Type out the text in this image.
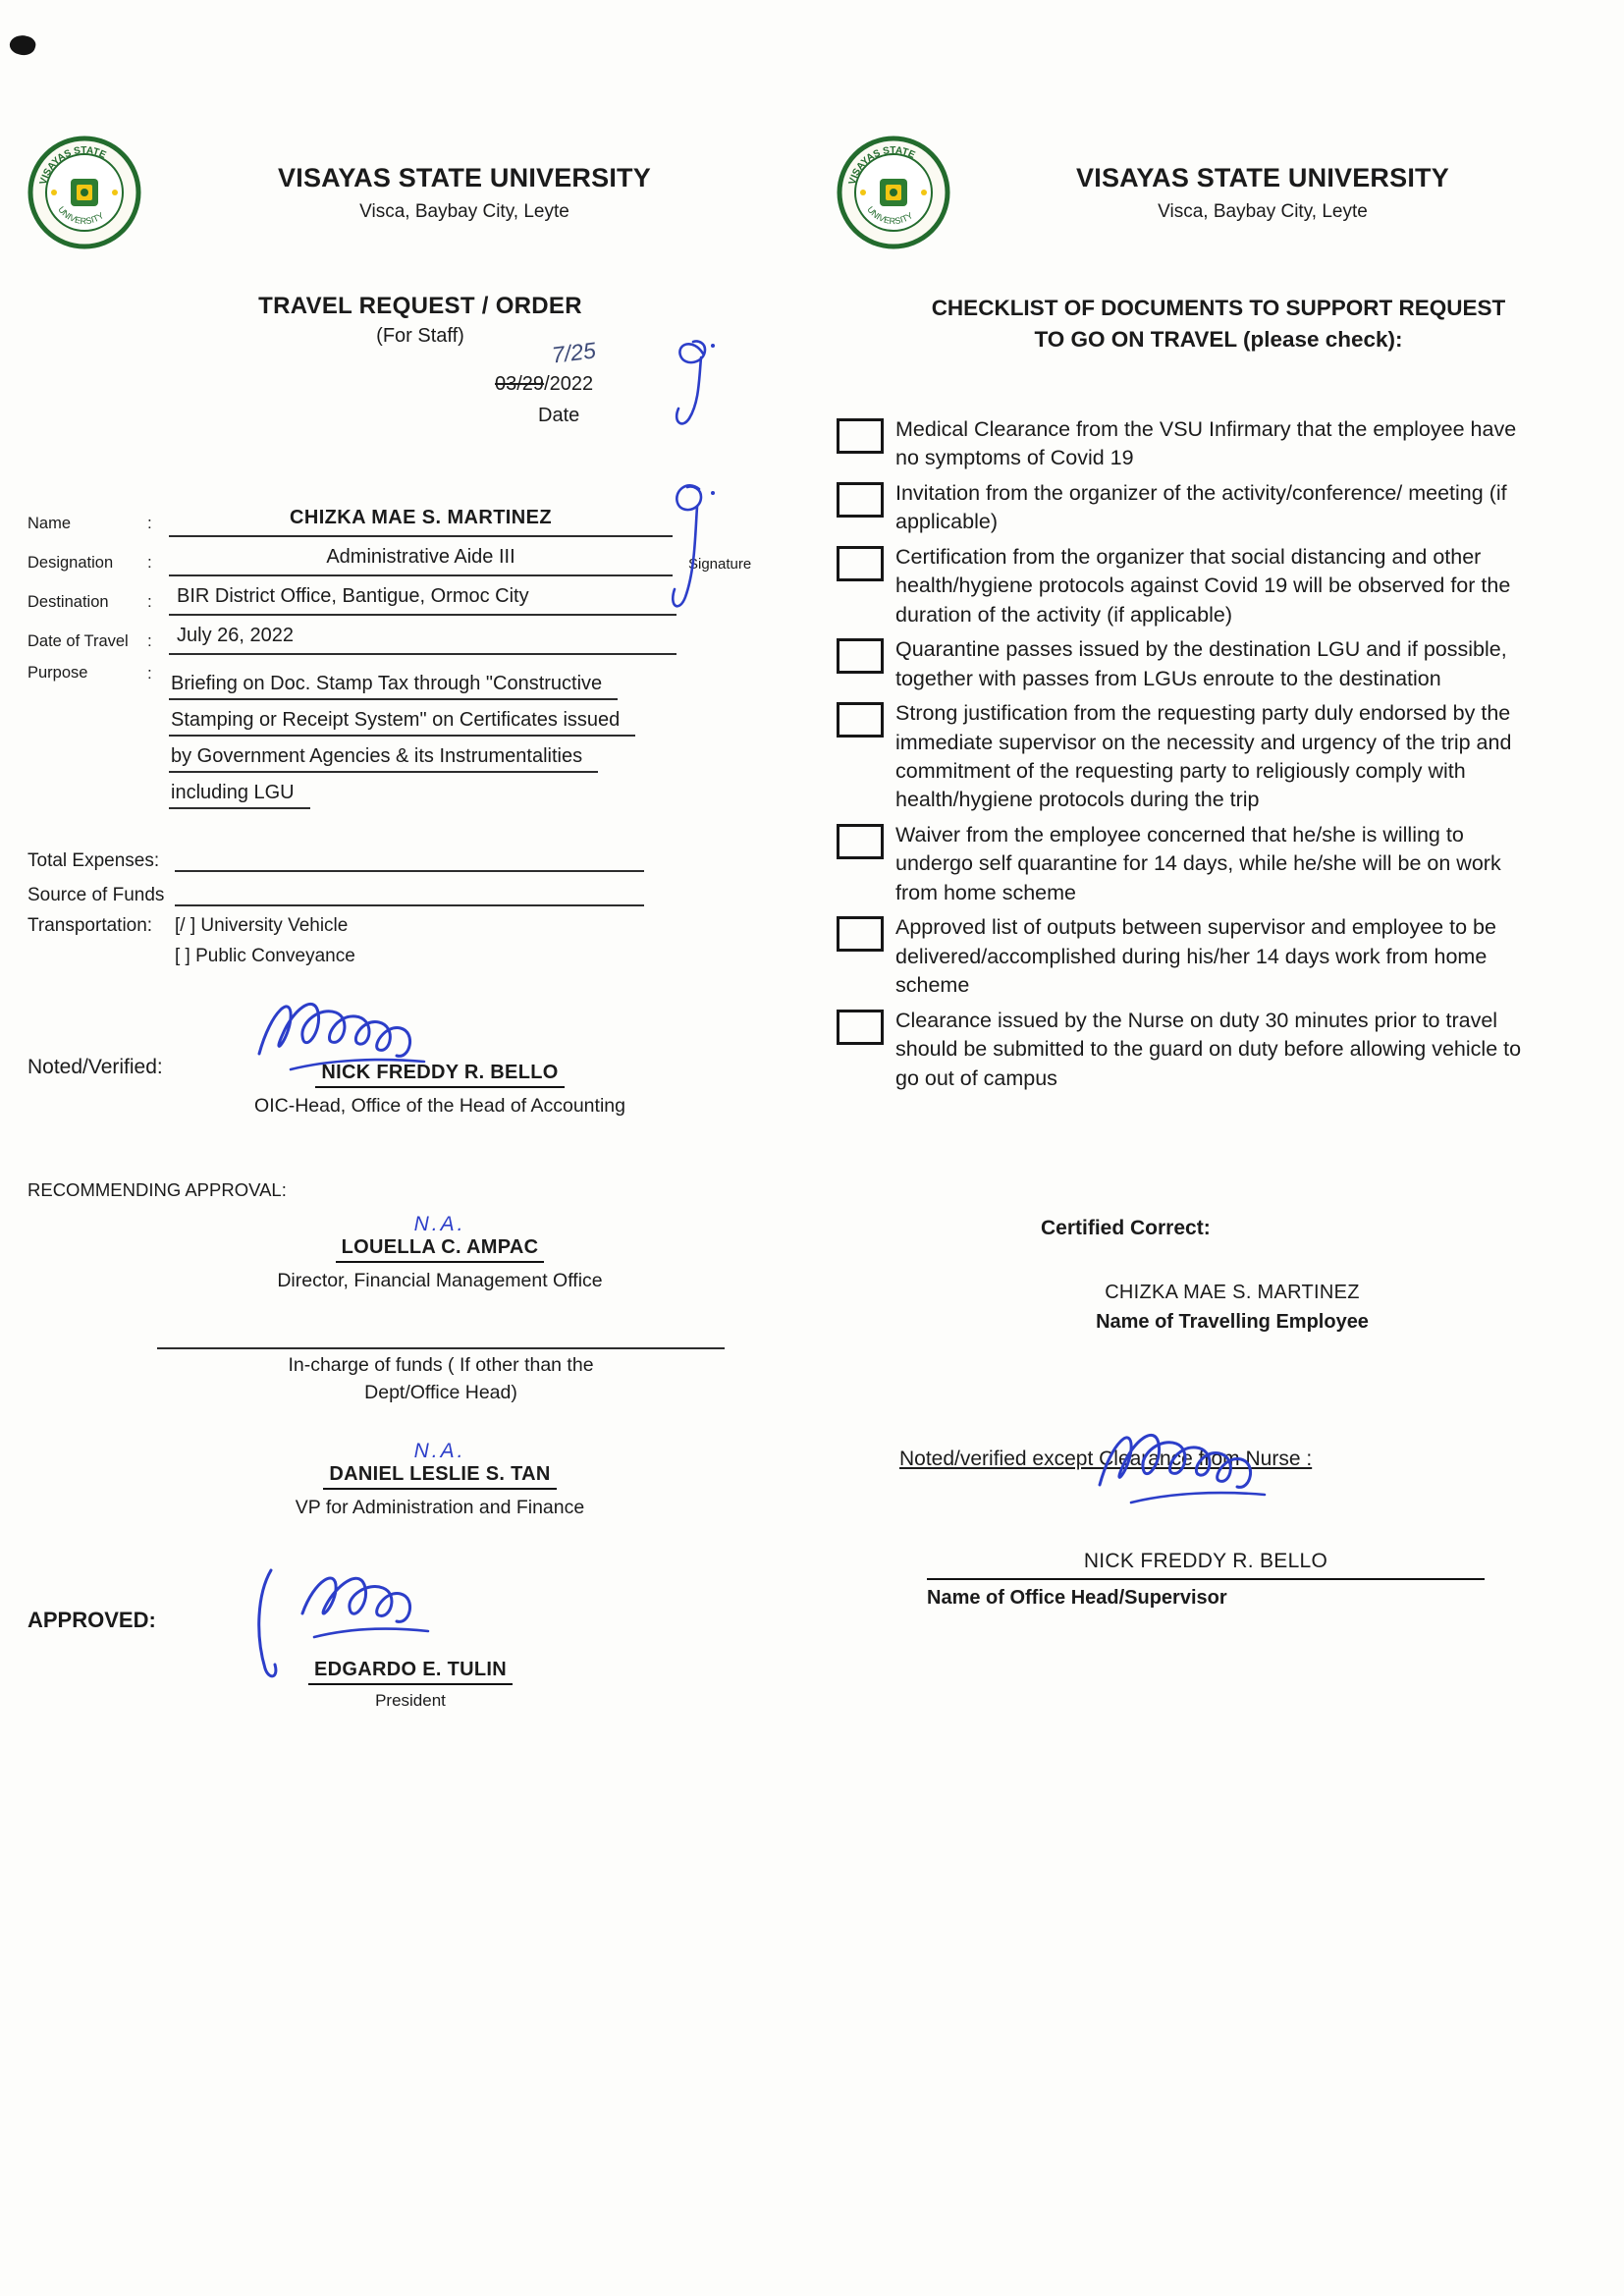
VISAYAS STATE
UNIVERSITY
VISAYAS STATE UNIVERSITY
Visca, Baybay City, Leyte
TRAVEL REQUEST / ORDER
(For Staff)
7/25
03/29/2022
Date
Name	:	CHIZKA MAE S. MARTINEZ
Designation	:	Administrative Aide III	Signature
Destination	:	BIR District Office, Bantigue, Ormoc City
Date of Travel	:	July 26, 2022
Purpose	: Briefing on Doc. Stamp Tax through "Constructive
Stamping or Receipt System" on Certificates issued
by Government Agencies & its Instrumentalities
including LGU
Total Expenses:
Source of Funds
Transportation:	[/ ] University Vehicle
[ ] Public Conveyance
Noted/Verified:	NICK FREDDY R. BELLO
OIC-Head, Office of the Head of Accounting
RECOMMENDING APPROVAL:
N.A.
LOUELLA C. AMPAC
Director, Financial Management Office
In-charge of funds ( If other than the
Dept/Office Head)
N.A.
DANIEL LESLIE S. TAN
VP for Administration and Finance
APPROVED:
EDGARDO E. TULIN
President
VISAYAS STATE
UNIVERSITY
VISAYAS STATE UNIVERSITY
Visca, Baybay City, Leyte
CHECKLIST OF DOCUMENTS TO SUPPORT REQUEST
TO GO ON TRAVEL (please check):
Medical Clearance from the VSU Infirmary that the employee have no symptoms of Covid 19
Invitation from the organizer of the activity/conference/ meeting (if applicable)
Certification from the organizer that social distancing and other health/hygiene protocols against Covid 19 will be observed for the duration of the activity (if applicable)
Quarantine passes issued by the destination LGU and if possible, together with passes from LGUs enroute to the destination
Strong justification from the requesting party duly endorsed by the immediate supervisor on the necessity and urgency of the trip and commitment of the requesting party to religiously comply with health/hygiene protocols during the trip
Waiver from the employee concerned that he/she is willing to undergo self quarantine for 14 days, while he/she will be on work from home scheme
Approved list of outputs between supervisor and employee to be delivered/accomplished during his/her 14 days work from home scheme
Clearance issued by the Nurse on duty 30 minutes prior to travel should be submitted to the guard on duty before allowing vehicle to go out of campus
Certified Correct:
CHIZKA MAE S. MARTINEZ
Name of Travelling Employee
Noted/verified except Clearance from Nurse :
NICK FREDDY R. BELLO
Name of Office Head/Supervisor
